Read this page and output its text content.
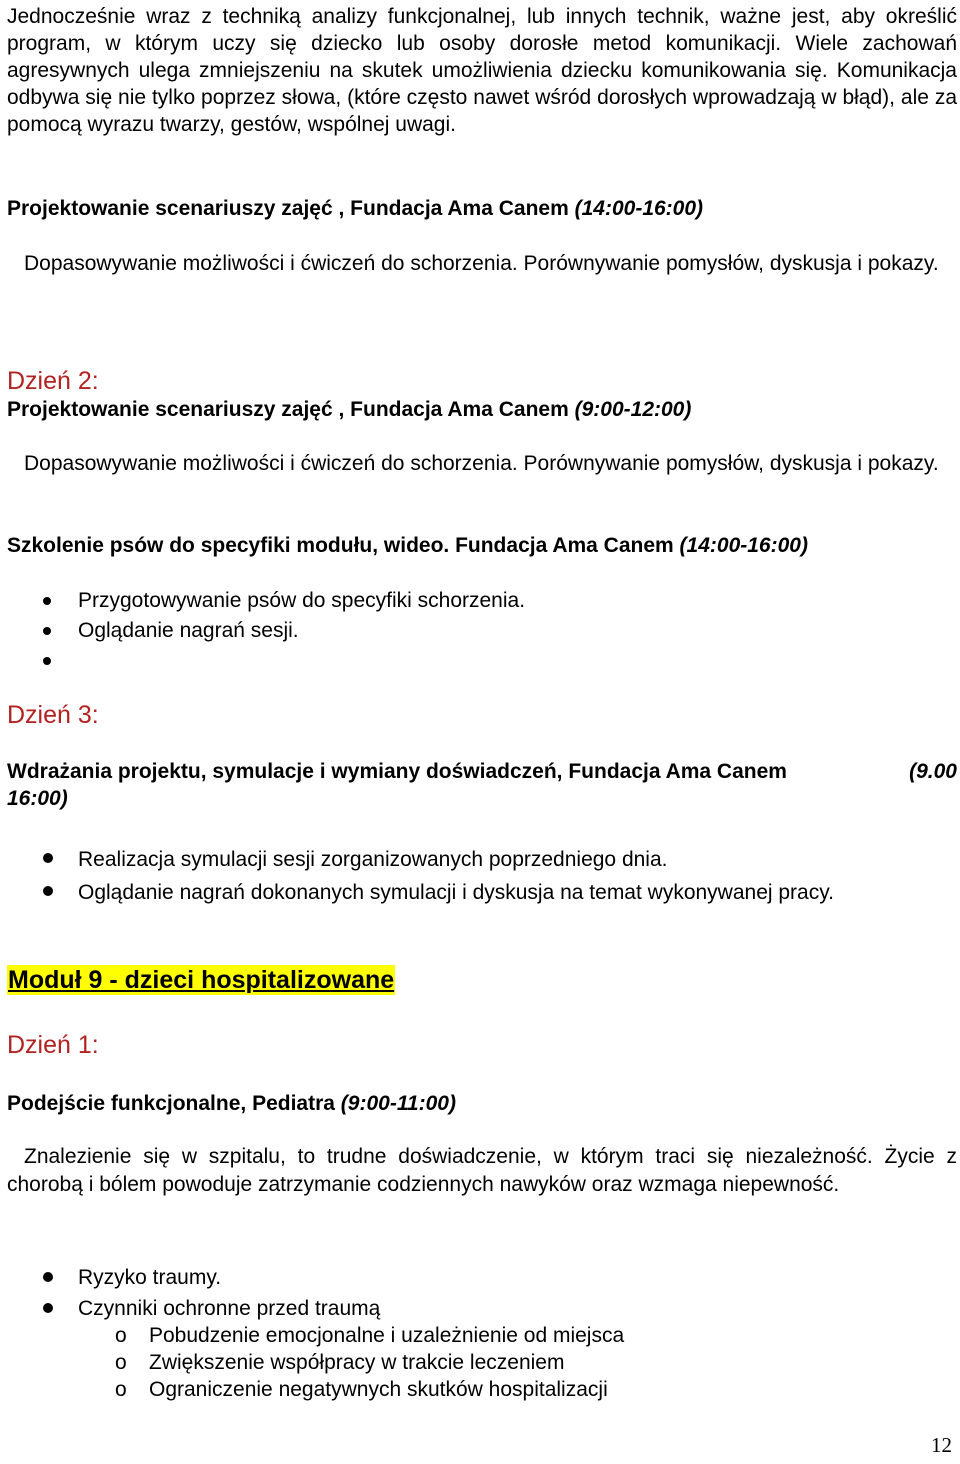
Jednocześnie wraz z techniką analizy funkcjonalnej, lub innych technik, ważne jest, aby określić program, w którym uczy się dziecko lub osoby dorosłe metod komunikacji. Wiele zachowań agresywnych ulega zmniejszeniu na skutek umożliwienia dziecku komunikowania się. Komunikacja odbywa się nie tylko poprzez słowa, (które często nawet wśród dorosłych wprowadzają w błąd), ale za pomocą wyrazu twarzy, gestów, wspólnej uwagi.

Projektowanie scenariuszy zajęć , Fundacja Ama Canem (14:00-16:00)

Dopasowywanie możliwości i ćwiczeń do schorzenia. Porównywanie pomysłów, dyskusja i pokazy.

Dzień 2:

Projektowanie scenariuszy zajęć , Fundacja Ama Canem (9:00-12:00)

Dopasowywanie możliwości i ćwiczeń do schorzenia. Porównywanie pomysłów, dyskusja i pokazy.

Szkolenie psów do specyfiki modułu, wideo. Fundacja Ama Canem (14:00-16:00)

Przygotowywanie psów do specyfiki schorzenia.
Oglądanie nagrań sesji.

Dzień 3:

Wdrażania projektu, symulacje i wymiany doświadczeń, Fundacja Ama Canem	(9.00
16:00)
Realizacja symulacji sesji zorganizowanych poprzedniego dnia.
Oglądanie nagrań dokonanych symulacji i dyskusja na temat wykonywanej pracy.
Moduł 9 - dzieci hospitalizowane

Dzień 1:

Podejście funkcjonalne, Pediatra (9:00-11:00)

Znalezienie się w szpitalu, to trudne doświadczenie, w którym traci się niezależność. Życie z chorobą i bólem powoduje zatrzymanie codziennych nawyków oraz wzmaga niepewność.

Ryzyko traumy.
Czynniki ochronne przed traumą
o Pobudzenie emocjonalne i uzależnienie od miejsca
o Zwiększenie współpracy w trakcie leczeniem
o Ograniczenie negatywnych skutków hospitalizacji
12
